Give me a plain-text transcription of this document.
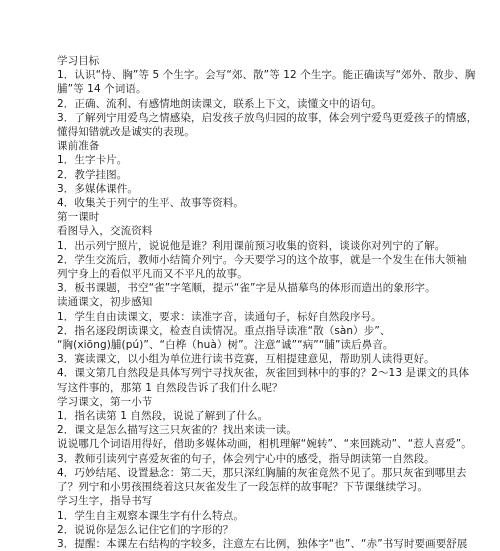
学习目标
1．认识“恃、胸”等 5 个生字。会写“郊、散”等 12 个生字。能正确读写“郊外、散步、胸
脯”等 14 个词语。
2．正确、流利、有感情地朗读课文，联系上下文，读懂文中的语句。
3．了解列宁用爱鸟之情感染，启发孩子放鸟归园的故事，体会列宁爱鸟更爱孩子的情感，
懂得知错就改是诚实的表现。
课前准备
1．生字卡片。
2．教学挂图。
3．多媒体课件。
4．收集关于列宁的生平、故事等资料。
第一课时
看图导入，交流资料
1．出示列宁照片，说说他是谁？利用课前预习收集的资料，谈谈你对列宁的了解。
2．学生交流后，教师小结简介列宁。今天要学习的这个故事，就是一个发生在伟大领袖
列宁身上的看似平凡而又不平凡的故事。
3．板书课题，书空“雀”字笔顺，提示“雀”字是从描摹鸟的体形而造出的象形字。
读通课文，初步感知
1．学生自由读课文，要求：读准字音，读通句子，标好自然段序号。
2．指名逐段朗读课文，检查自读情况。重点指导读准“散（sàn）步”、
“胸(xiōng)脯(pú)”、“白桦（huà）树”。注意“诚”“病”“脯”读后鼻音。
3．赛读课文，以小组为单位进行读书竞赛，互相提建意见，帮助别人读得更好。
4．课文第几自然段是具体写列宁寻找灰雀，灰雀回到林中的事的？2～13 是课文的具体
写这件事的，那第 1 自然段告诉了我们什么呢？
学习课文，第一小节
1．指名读第 1 自然段，说说了解到了什么。
2．课文是怎么描写这三只灰雀的？找出来读一读。
说说哪几个词语用得好，借助多媒体动画，相机理解“婉转”、“来回跳动”、“惹人喜爱”。
3．教师引读列宁喜爱灰雀的句子，体会列宁心中的感受，指导朗读第一自然段。
4．巧妙结尾、设置悬念：第二天，那只深红胸脯的灰雀竟然不见了。那只灰雀到哪里去
了？列宁和小男孩围绕着这只灰雀发生了一段怎样的故事呢？下节课继续学习。
学习生字，指导书写
1．学生自主观察本课生字有什么特点。
2．说说你是怎么记住它们的字形的？
3．提醒：本课左右结构的字较多，注意左右比例，独体字“也”、“赤”书写时要画要舒展
